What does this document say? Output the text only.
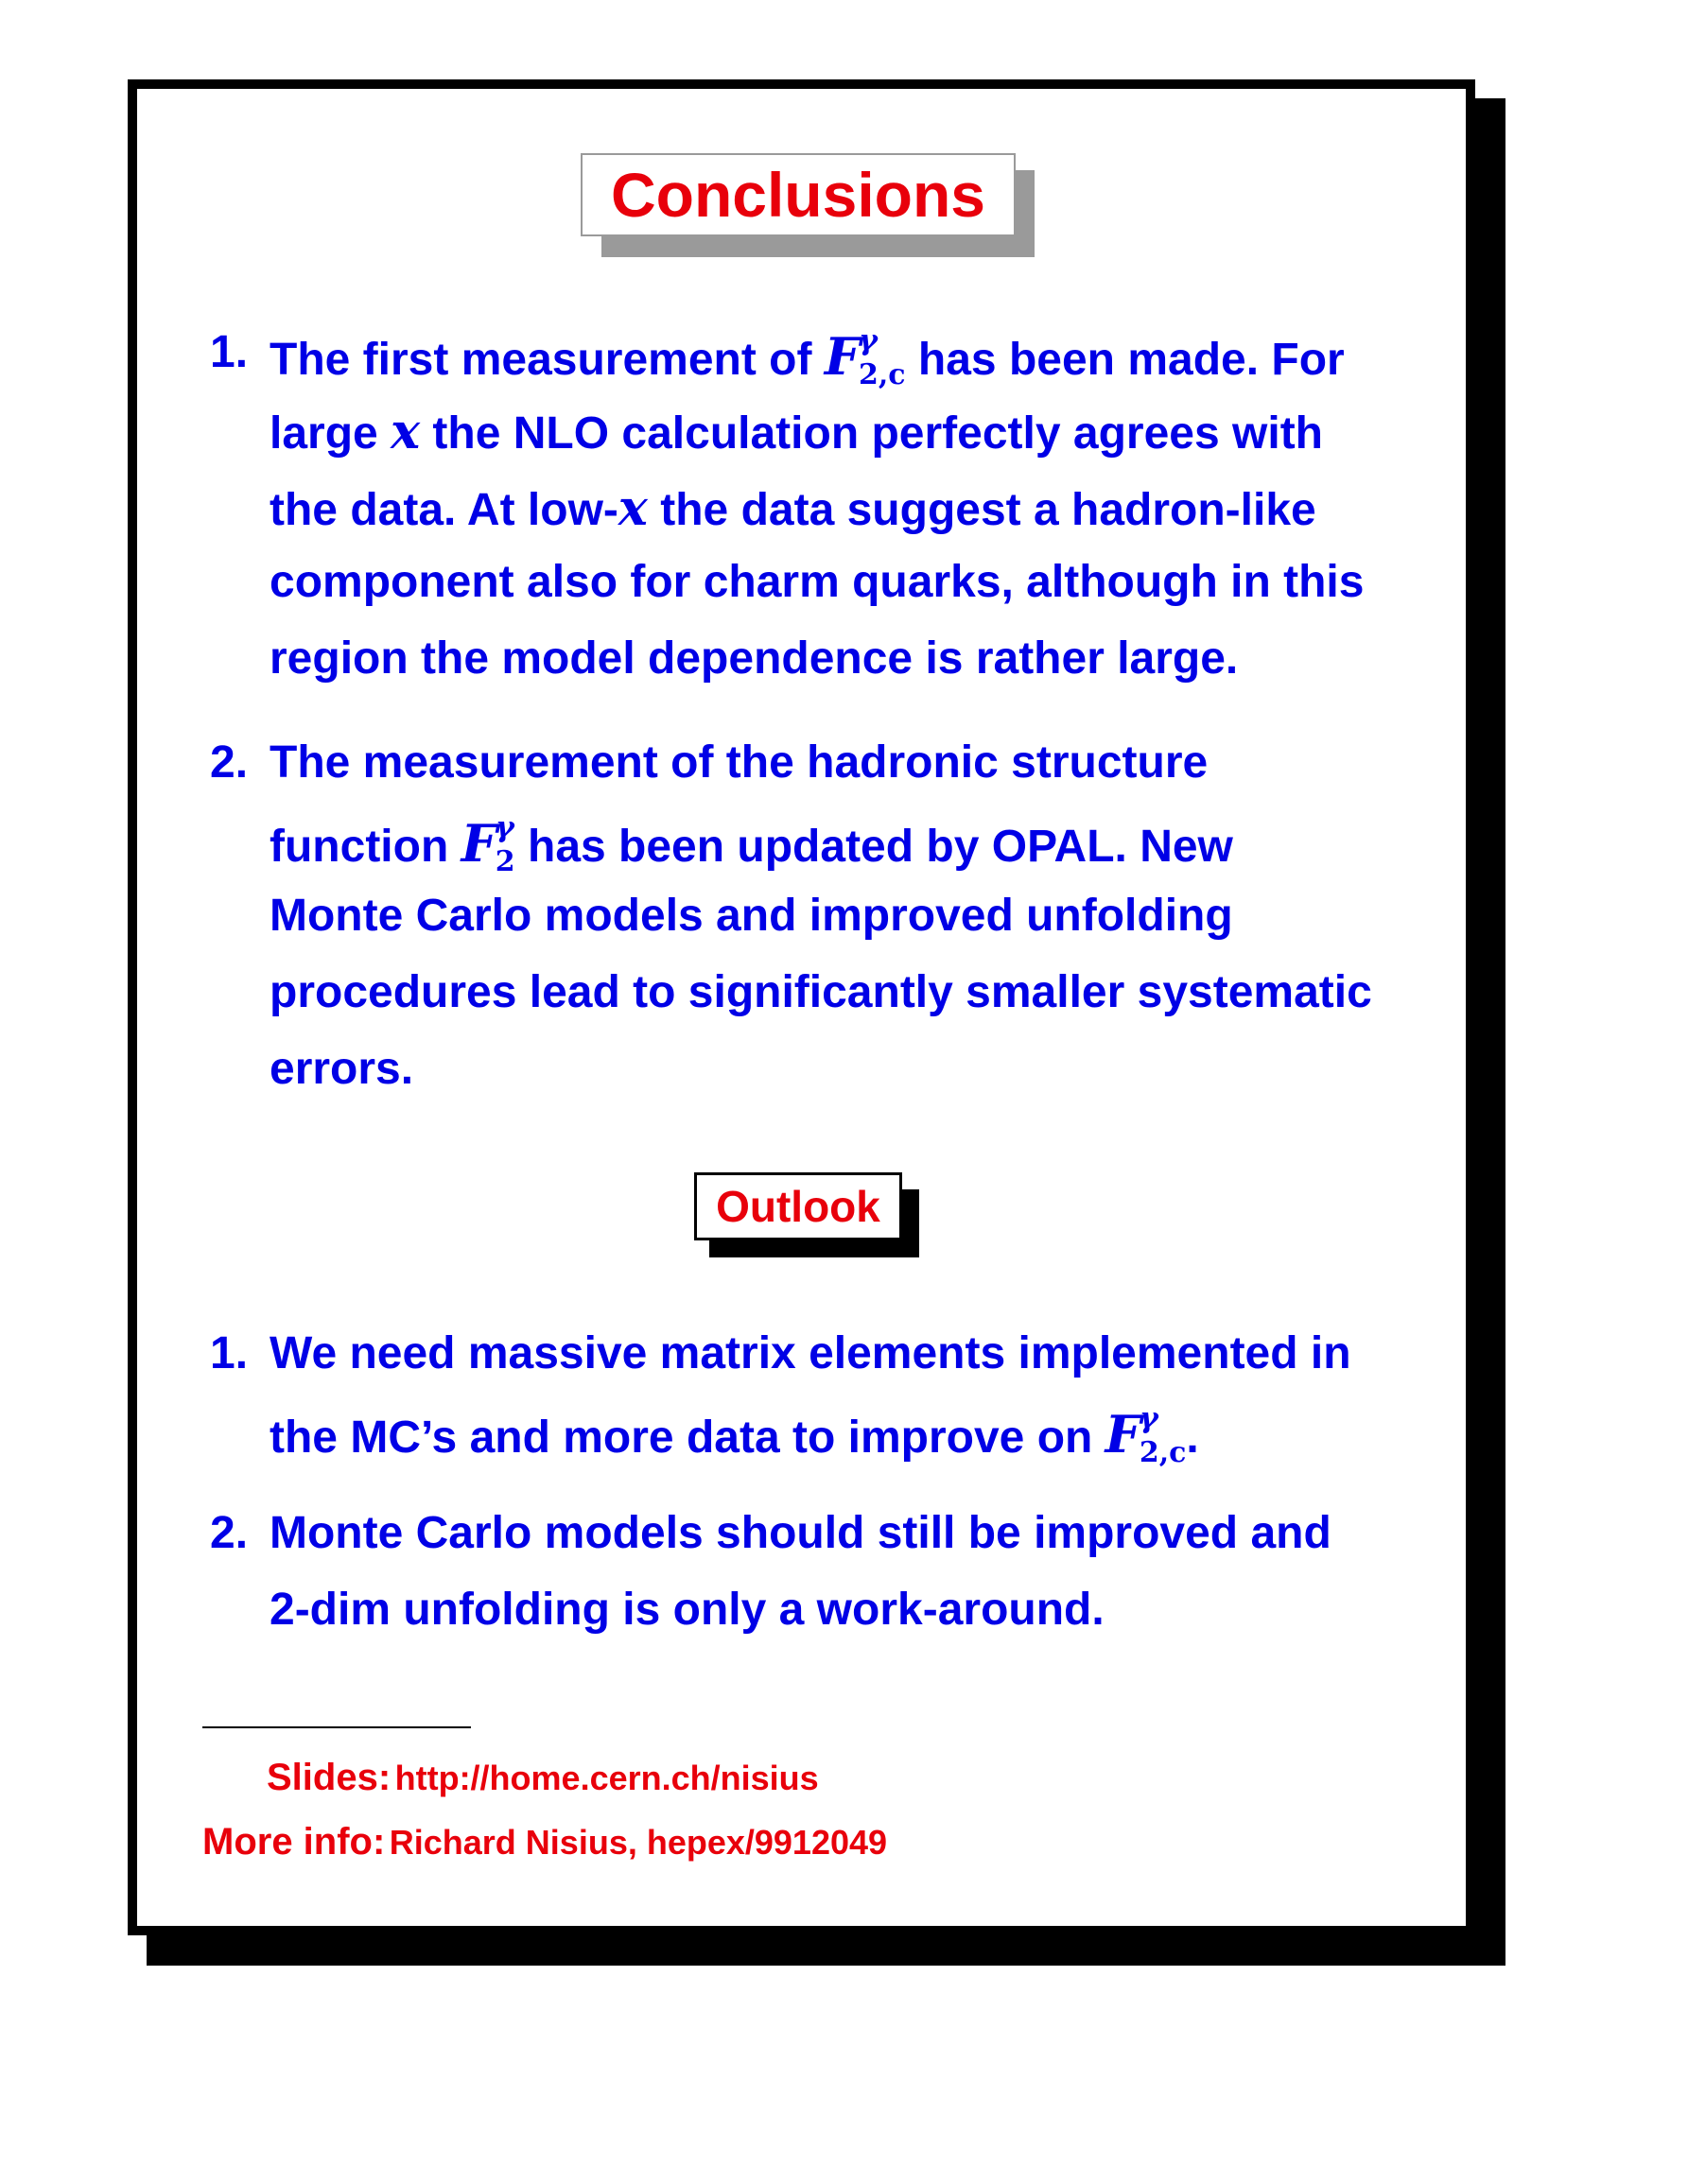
Conclusions
1. The first measurement of $F^\gamma_{2,c}$ has been made. For
large x the NLO calculation perfectly agrees with
the data. At low-x the data suggest a hadron-like
component also for charm quarks, although in this
region the model dependence is rather large.
2. The measurement of the hadronic structure
function $F^\gamma_2$ has been updated by OPAL. New
Monte Carlo models and improved unfolding
procedures lead to significantly smaller systematic
errors.
Outlook
1. We need massive matrix elements implemented in
the MC’s and more data to improve on $F^\gamma_{2,c}$.
2. Monte Carlo models should still be improved and
2-dim unfolding is only a work-around.
Slides: http://home.cern.ch/nisius
More info: Richard Nisius, hepex/9912049
